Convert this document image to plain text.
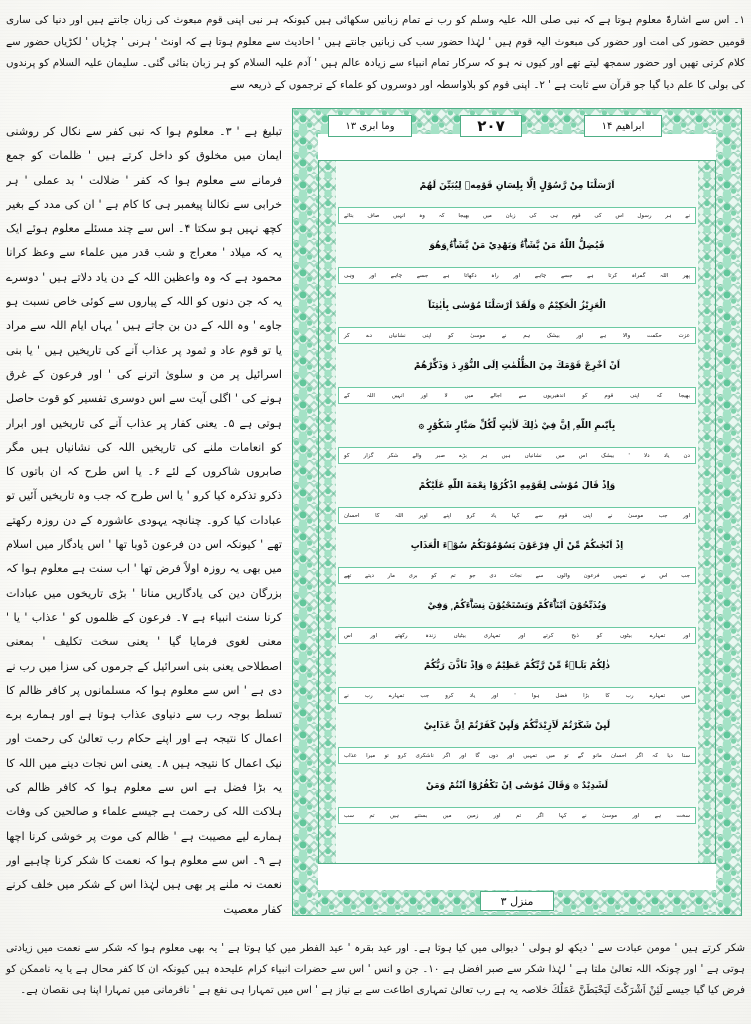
۱۔ اس سے اشارۃً معلوم ہوتا ہے کہ نبی صلی اللہ علیہ وسلم کو رب نے تمام زبانیں سکھائی ہیں کیونکہ ہر نبی اپنی قوم مبعوث کی زبان جانتے ہیں اور دنیا کی ساری قومیں حضور کی امت اور حضور کی مبعوث الیہ قوم ہیں ' لہٰذا حضور سب کی زبانیں جانتے ہیں ' احادیث سے معلوم ہوتا ہے کہ اونٹ ' ہرنی ' چڑیاں ' لکڑیاں حضور سے کلام کرتی تھیں اور حضور سمجھ لیتے تھے اور کیوں نہ ہو کہ سرکار تمام انبیاء سے زیادہ عالم ہیں ' آدم علیہ السلام کو ہر زبان بتائی گئی۔ سلیمان علیہ السلام کو پرندوں کی بولی کا علم دیا گیا جو قرآن سے ثابت ہے ' ۲۔ اپنی قوم کو بلاواسطہ اور دوسروں کو علماء کے ترجموں کے ذریعہ سے
تبلیغ ہے ' ۳۔ معلوم ہوا کہ نبی کفر سے نکال کر روشنی ایمان میں مخلوق کو داخل کرتے ہیں ' ظلمات کو جمع فرمانے سے معلوم ہوا کہ کفر ' ضلالت ' بد عملی ' ہر خرابی سے نکالنا پیغمبر ہی کا کام ہے ' ان کی مدد کے بغیر کچھ نہیں ہو سکتا ۴۔ اس سے چند مسئلے معلوم ہوئے ایک یہ کہ میلاد ' معراج و شب قدر میں علماء سے وعظ کرانا محمود ہے کہ وہ واعظین اللہ کے دن یاد دلاتے ہیں ' دوسرے یہ کہ جن دنوں کو اللہ کے پیاروں سے کوئی خاص نسبت ہو جاوے ' وہ اللہ کے دن بن جاتے ہیں ' یہاں ایام اللہ سے مراد یا تو قوم عاد و ثمود پر عذاب آنے کی تاریخیں ہیں ' یا بنی اسرائیل پر من و سلویٰ اترنے کی ' اور فرعون کے غرق ہونے کی ' اگلی آیت سے اس دوسری تفسیر کو قوت حاصل ہوتی ہے ۵۔ یعنی کفار پر عذاب آنے کی تاریخیں اور ابرار کو انعامات ملنے کی تاریخیں اللہ کی نشانیاں ہیں مگر صابروں شاکروں کے لئے ۶۔ یا اس طرح کہ ان باتوں کا ذکرو تذکرہ کیا کرو ' یا اس طرح کہ جب وہ تاریخیں آئیں تو عبادات کیا کرو۔ چنانچہ یہودی عاشورہ کے دن روزہ رکھتے تھے ' کیونکہ اس دن فرعون ڈوبا تھا ' اس یادگار میں اسلام میں بھی یہ روزہ اولاً فرض تھا ' اب سنت ہے معلوم ہوا کہ بزرگان دین کی یادگاریں منانا ' بڑی تاریخوں میں عبادات کرنا سنت انبیاء ہے ۷۔ فرعون کے ظلموں کو ' عذاب ' یا ' معنی لغوی فرمایا گیا ' یعنی سخت تکلیف ' بمعنی اصطلاحی یعنی بنی اسرائیل کے جرموں کی سزا میں رب نے دی ہے ' اس سے معلوم ہوا کہ مسلمانوں پر کافر ظالم کا تسلط بوجہ رب سے دنیاوی عذاب ہوتا ہے اور ہمارے برے اعمال کا نتیجہ ہے اور اپنے حکام رب تعالیٰ کی رحمت اور نیک اعمال کا نتیجہ ہیں ۸۔ یعنی اس نجات دینے میں اللہ کا یہ بڑا فضل ہے اس سے معلوم ہوا کہ کافر ظالم کی ہلاکت اللہ کی رحمت ہے جیسے علماء و صالحین کی وفات ہمارے لیے مصیبت ہے ' ظالم کی موت پر خوشی کرنا اچھا ہے ۹۔ اس سے معلوم ہوا کہ نعمت کا شکر کرنا چاہیے اور نعمت نہ ملنے پر بھی ہیں لہٰذا اس کے شکر میں خلف کرنے کفار معصیت
ابراهیم ۱۴
۲۰۷
وما ابری ۱۳
منزل ۳
اَرْسَلْنَا مِنْ رَّسُوْلٍ اِلَّا بِلِسَانِ قَوْمِهٖ لِيُبَيِّنَ لَهُمْ
نے ہر رسول اس کی قوم ہی کی زبان میں بھیجا کہ وہ انہیں صاف بتائے
فَيُضِلُّ اللّٰهُ مَنْ يَّشَاۗءُ وَيَهْدِيْ مَنْ يَّشَاۗءُ ۭوَهُوَ
پھر اللہ گمراہ کرتا ہے جسے چاہے اور راہ دکھاتا ہے جسے چاہے اور وہی
الْعَزِيْزُ الْحَكِيْمُ ۞ وَلَقَدْ اَرْسَلْنَا مُوْسٰى بِاٰيٰتِنَآ
عزت حکمت والا ہے اور بیشک ہم نے موسیٰ کو اپنی نشانیاں دے کر
اَنْ اَخْرِجْ قَوْمَكَ مِنَ الظُّلُمٰتِ اِلَى النُّوْرِ ڏ وَذَكِّرْهُمْ
بھیجا کہ اپنی قوم کو اندھیریوں سے اجالے میں لا اور انہیں اللہ کے
بِاَيّٰىمِ اللّٰهِ ۭ اِنَّ فِيْ ذٰلِكَ لَاٰيٰتٍ لِّكُلِّ صَبَّارٍ شَكُوْرٍ ۞
دن یاد دلا ' بیشک اس میں نشانیاں ہیں ہر بڑے صبر والے شکر گزار کو
وَاِذْ قَالَ مُوْسٰى لِقَوْمِهِ اذْكُرُوْا نِعْمَةَ اللّٰهِ عَلَيْكُمْ
اور جب موسیٰ نے اپنی قوم سے کہا یاد کرو اپنے اوپر اللہ کا احسان
اِذْ اَنْجٰىكُمْ مِّنْ اٰلِ فِرْعَوْنَ يَسُوْمُوْنَكُمْ سُوْۗءَ الْعَذَابِ
جب اس نے تمہیں فرعون والوں سے نجات دی جو تم کو بری مار دیتے تھے
وَيُذَبِّحُوْنَ اَبْنَاۗءَكُمْ وَيَسْتَحْيُوْنَ نِسَاۗءَكُمْ ۭ وَفِيْ
اور تمہارے بیٹوں کو ذبح کرتے اور تمہاری بیٹیاں زندہ رکھتے اور اس
ذٰلِكُمْ بَلَاۗءٌ مِّنْ رَّبِّكُمْ عَظِيْمٌ ۞ وَاِذْ تَاَذَّنَ رَبُّكُمْ
میں تمہارے رب کا بڑا فضل ہوا ' اور یاد کرو جب تمہارے رب نے
لَىِٕنْ شَكَرْتُمْ لَاَزِيْدَنَّكُمْ وَلَىِٕنْ كَفَرْتُمْ اِنَّ عَذَابِيْ
سنا دیا کہ اگر احسان مانو گے تو میں تمہیں اور دوں گا اور اگر ناشکری کرو تو میرا عذاب
لَشَدِيْدٌ ۞ وَقَالَ مُوْسٰٓى اِنْ تَكْفُرُوْٓا اَنْتُمْ وَمَنْ
سخت ہے اور موسیٰ نے کہا اگر تم اور زمین میں بستنے ہیں تم سب
شکر کرتے ہیں ' مومن عبادت سے ' دیکھ لو ہولی ' دیوالی میں کیا ہوتا ہے۔ اور عید بقرہ ' عید الفطر میں کیا ہوتا ہے ' یہ بھی معلوم ہوا کہ شکر سے نعمت میں زیادتی ہوتی ہے ' اور چونکہ اللہ تعالیٰ ملتا ہے ' لہٰذا شکر سے صبر افضل ہے ۱۰۔ جن و انس ' اس سے حضرات انبیاء کرام علیحدہ ہیں کیونکہ ان کا کفر محال ہے یا یہ ناممکن کو فرض کیا گیا جیسے لَئِنْ اَشْرَكْتَ لَيَحْبَطَنَّ عَمَلُكَ خلاصہ یہ ہے رب تعالیٰ تمہاری اطاعت سے بے نیاز ہے ' اس میں تمہارا ہی نفع ہے ' نافرمانی میں تمہارا اپنا ہی نقصان ہے۔
